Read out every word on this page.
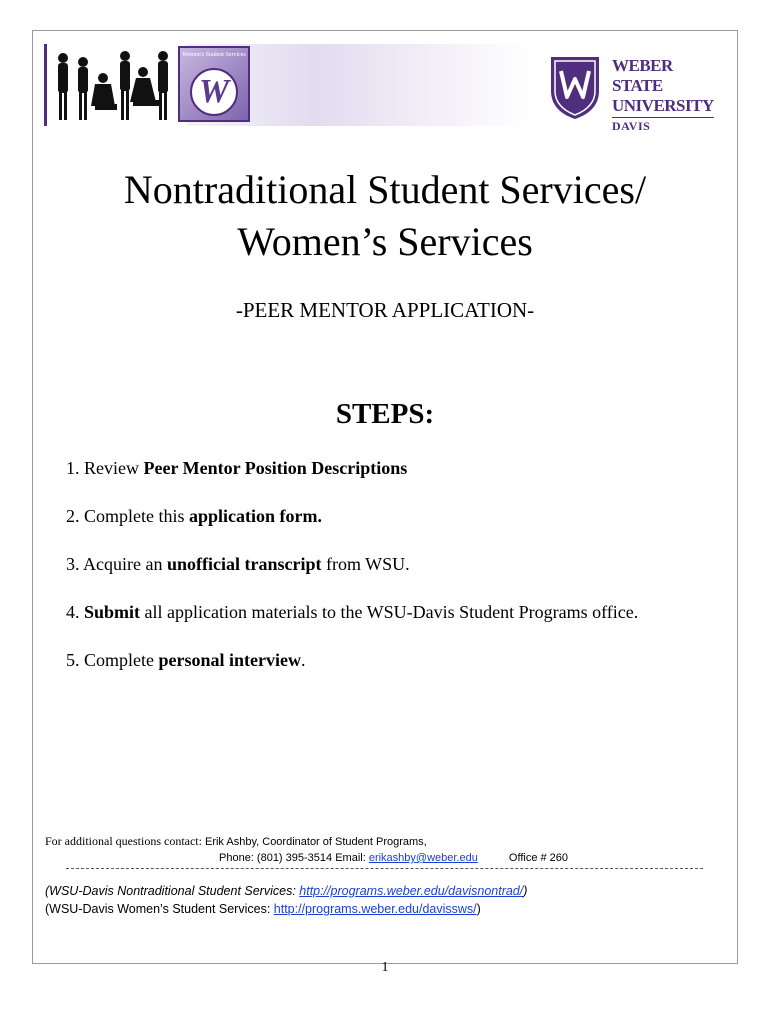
Women's Student Services
W
WEBER STATE
UNIVERSITY
DAVIS
Nontraditional Student Services/
Women’s Services
-PEER MENTOR APPLICATION-
STEPS:
1. Review Peer Mentor Position Descriptions
2. Complete this application form.
3. Acquire an unofficial transcript from WSU.
4. Submit all application materials to the WSU-Davis Student Programs office.
5. Complete personal interview.
For additional questions contact: Erik Ashby, Coordinator of Student Programs,
Phone: (801) 395-3514 Email: erikashby@weber.edu	Office # 260
(WSU-Davis Nontraditional Student Services: http://programs.weber.edu/davisnontrad/)
(WSU-Davis Women’s Student Services: http://programs.weber.edu/davissws/)
1
